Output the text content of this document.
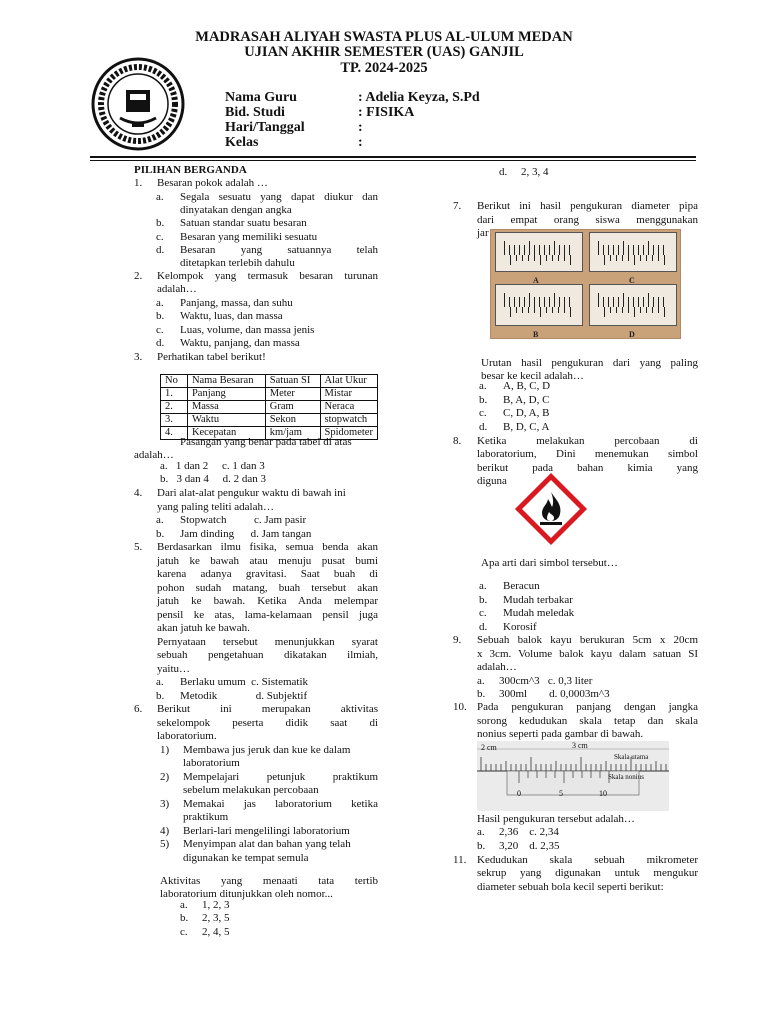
MADRASAH ALIYAH SWASTA PLUS AL-ULUM MEDAN
UJIAN AKHIR SEMESTER (UAS) GANJIL
TP. 2024-2025
Nama Guru	: Adelia Keyza, S.Pd
Bid. Studi	: FISIKA
Hari/Tanggal	:
Kelas	:
PILIHAN BERGANDA
1. Besaran pokok adalah …
a. Segala sesuatu yang dapat diukur dan
dinyatakan dengan angka
b. Satuan standar suatu besaran
c. Besaran yang memiliki sesuatu
d. Besaran yang satuannya telah
ditetapkan terlebih dahulu
2. Kelompok yang termasuk besaran turunan
adalah…
a. Panjang, massa, dan suhu
b. Waktu, luas, dan massa
c. Luas, volume, dan massa jenis
d. Waktu, panjang, dan massa
3. Perhatikan tabel berikut!
No	Nama Besaran	Satuan SI	Alat Ukur
1.	Panjang	Meter	Mistar
2.	Massa	Gram	Neraca
3.	Waktu	Sekon	stopwatch
4.	Kecepatan	km/jam	Spidometer
Pasangan yang benar pada tabel di atas
adalah…
a.   1 dan 2     c. 1 dan 3
b.   3 dan 4     d. 2 dan 3
4. Dari alat-alat pengukur waktu di bawah ini
yang paling teliti adalah…
a. Stopwatch          c. Jam pasir
b. Jam dinding      d. Jam tangan
5. Berdasarkan ilmu fisika, semua benda akan
jatuh ke bawah atau menuju pusat bumi
karena adanya gravitasi. Saat buah di
pohon sudah matang, buah tersebut akan
jatuh ke bawah. Ketika Anda melempar
pensil ke atas, lama-kelamaan pensil juga
akan jatuh ke bawah.
Pernyataan tersebut menunjukkan syarat
sebuah pengetahuan dikatakan ilmiah,
yaitu…
a. Berlaku umum  c. Sistematik
b. Metodik              d. Subjektif
6. Berikut ini merupakan aktivitas
sekelompok peserta didik saat di
laboratorium.
1) Membawa jus jeruk dan kue ke dalam
laboratorium
2) Mempelajari petunjuk praktikum
sebelum melakukan percobaan
3) Memakai jas laboratorium ketika
praktikum
4) Berlari-lari mengelilingi laboratorium
5) Menyimpan alat dan bahan yang telah
digunakan ke tempat semula
Aktivitas yang menaati tata tertib
laboratorium ditunjukkan oleh nomor...
a. 1, 2, 3
b. 2, 3, 5
c. 2, 4, 5
d. 2, 3, 4
7. Berikut ini hasil pengukuran diameter pipa
dari empat orang siswa menggunakan
jar
A	C
B	D
Urutan hasil pengukuran dari yang paling
besar ke kecil adalah…
a. A, B, C, D
b. B, A, D, C
c. C, D, A, B
d. B, D, C, A
8. Ketika melakukan percobaan di
laboratorium, Dini menemukan simbol
berikut pada bahan kimia yang
diguna
Apa arti dari simbol tersebut…
a. Beracun
b. Mudah terbakar
c. Mudah meledak
d. Korosif
9. Sebuah balok kayu berukuran 5cm x 20cm
x 3cm. Volume balok kayu dalam satuan SI
adalah…
a. 300cm^3   c. 0,3 liter
b. 300ml        d. 0,0003m^3
10. Pada pengukuran panjang dengan jangka
sorong kedudukan skala tetap dan skala
nonius seperti pada gambar di bawah.
2 cm	3 cm
Skala utama
Skala nonius
0	5	10
Hasil pengukuran tersebut adalah…
a. 2,36    c. 2,34
b. 3,20    d. 2,35
11. Kedudukan skala sebuah mikrometer
sekrup yang digunakan untuk mengukur
diameter sebuah bola kecil seperti berikut:
